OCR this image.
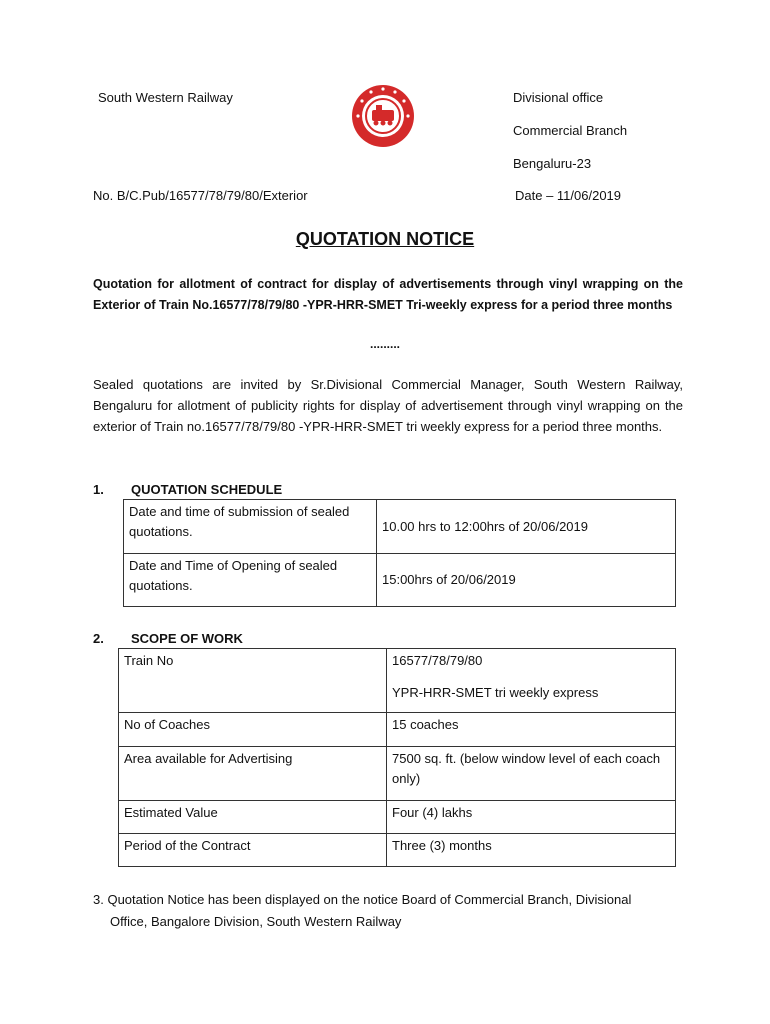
South Western Railway	Divisional office
Commercial Branch
Bengaluru-23
No. B/C.Pub/16577/78/79/80/Exterior	Date – 11/06/2019
QUOTATION NOTICE
Quotation for allotment of contract for display of advertisements through vinyl wrapping on the Exterior of Train No.16577/78/79/80 -YPR-HRR-SMET Tri-weekly express for a period three months
.........
Sealed quotations are invited by Sr.Divisional Commercial Manager, South Western Railway, Bengaluru for allotment of publicity rights for display of advertisement through vinyl wrapping on the exterior of Train no.16577/78/79/80 -YPR-HRR-SMET tri weekly express for a period three months.
1. QUOTATION SCHEDULE
Date and time of submission of sealed quotations.	10.00 hrs to 12:00hrs of 20/06/2019
Date and Time of Opening of sealed quotations.	15:00hrs of 20/06/2019
2. SCOPE OF WORK
Train No	16577/78/79/80
YPR-HRR-SMET tri weekly express

No of Coaches	15 coaches
Area available for Advertising	7500 sq. ft. (below window level of each coach only)
Estimated Value	Four (4) lakhs
Period of the Contract	Three (3) months
3. Quotation Notice has been displayed on the notice Board of Commercial Branch, Divisional
Office, Bangalore Division, South Western Railway
